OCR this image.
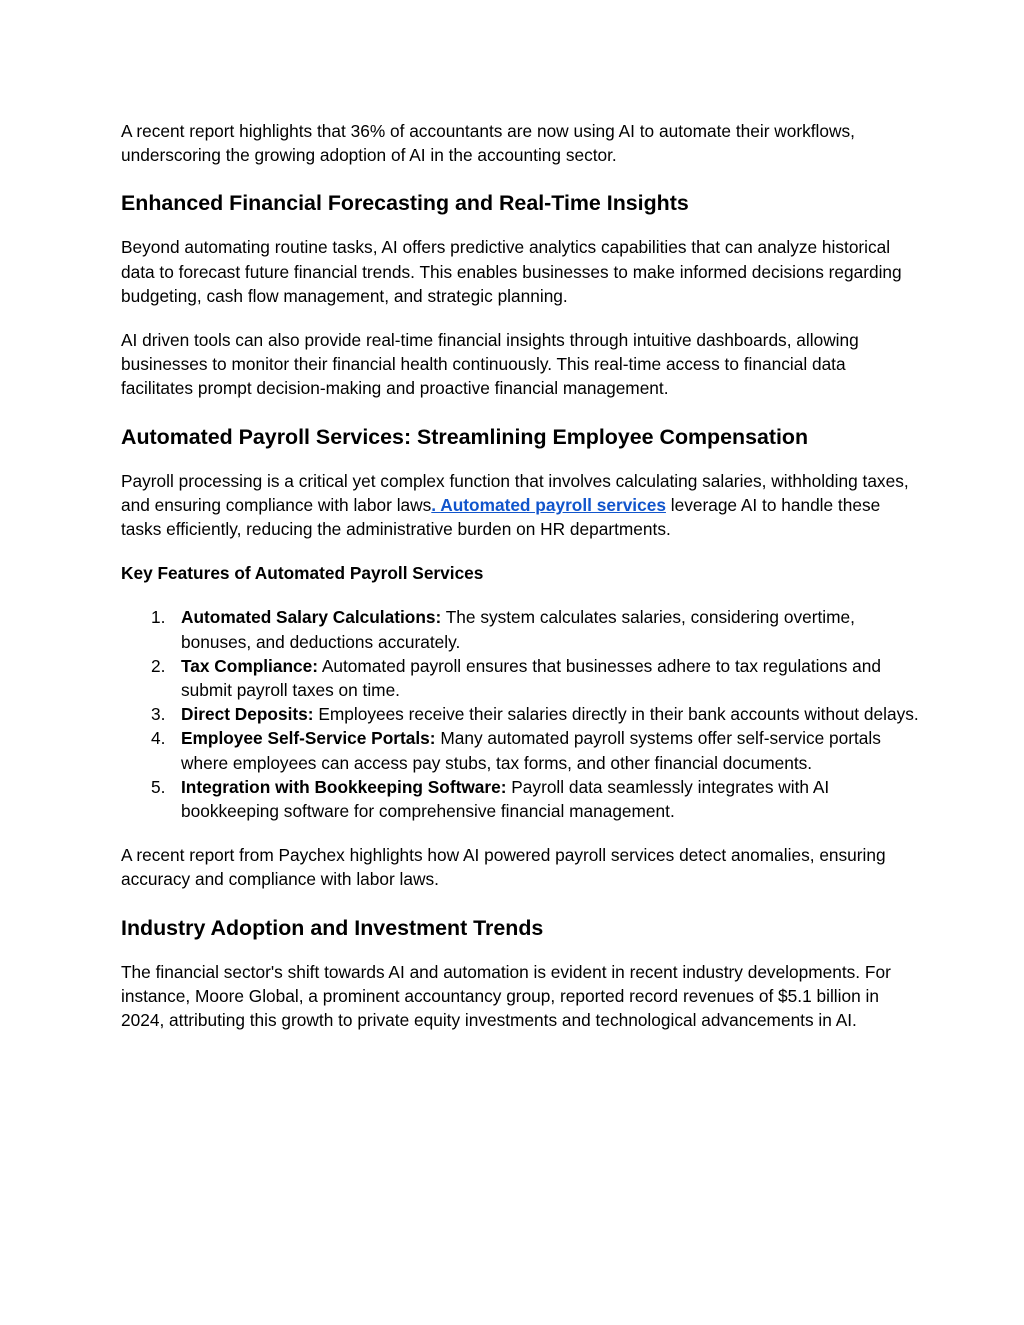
A recent report highlights that 36% of accountants are now using AI to automate their workflows, underscoring the growing adoption of AI in the accounting sector.

Enhanced Financial Forecasting and Real-Time Insights

Beyond automating routine tasks, AI offers predictive analytics capabilities that can analyze historical data to forecast future financial trends. This enables businesses to make informed decisions regarding budgeting, cash flow management, and strategic planning.

AI driven tools can also provide real-time financial insights through intuitive dashboards, allowing businesses to monitor their financial health continuously. This real-time access to financial data facilitates prompt decision-making and proactive financial management.

Automated Payroll Services: Streamlining Employee Compensation

Payroll processing is a critical yet complex function that involves calculating salaries, withholding taxes, and ensuring compliance with labor laws. Automated payroll services leverage AI to handle these tasks efficiently, reducing the administrative burden on HR departments.

Key Features of Automated Payroll Services
1. Automated Salary Calculations: The system calculates salaries, considering overtime, bonuses, and deductions accurately.
2. Tax Compliance: Automated payroll ensures that businesses adhere to tax regulations and submit payroll taxes on time.
3. Direct Deposits: Employees receive their salaries directly in their bank accounts without delays.
4. Employee Self-Service Portals: Many automated payroll systems offer self-service portals where employees can access pay stubs, tax forms, and other financial documents.
5. Integration with Bookkeeping Software: Payroll data seamlessly integrates with AI bookkeeping software for comprehensive financial management.

A recent report from Paychex highlights how AI powered payroll services detect anomalies, ensuring accuracy and compliance with labor laws.

Industry Adoption and Investment Trends

The financial sector's shift towards AI and automation is evident in recent industry developments. For instance, Moore Global, a prominent accountancy group, reported record revenues of $5.1 billion in 2024, attributing this growth to private equity investments and technological advancements in AI.
